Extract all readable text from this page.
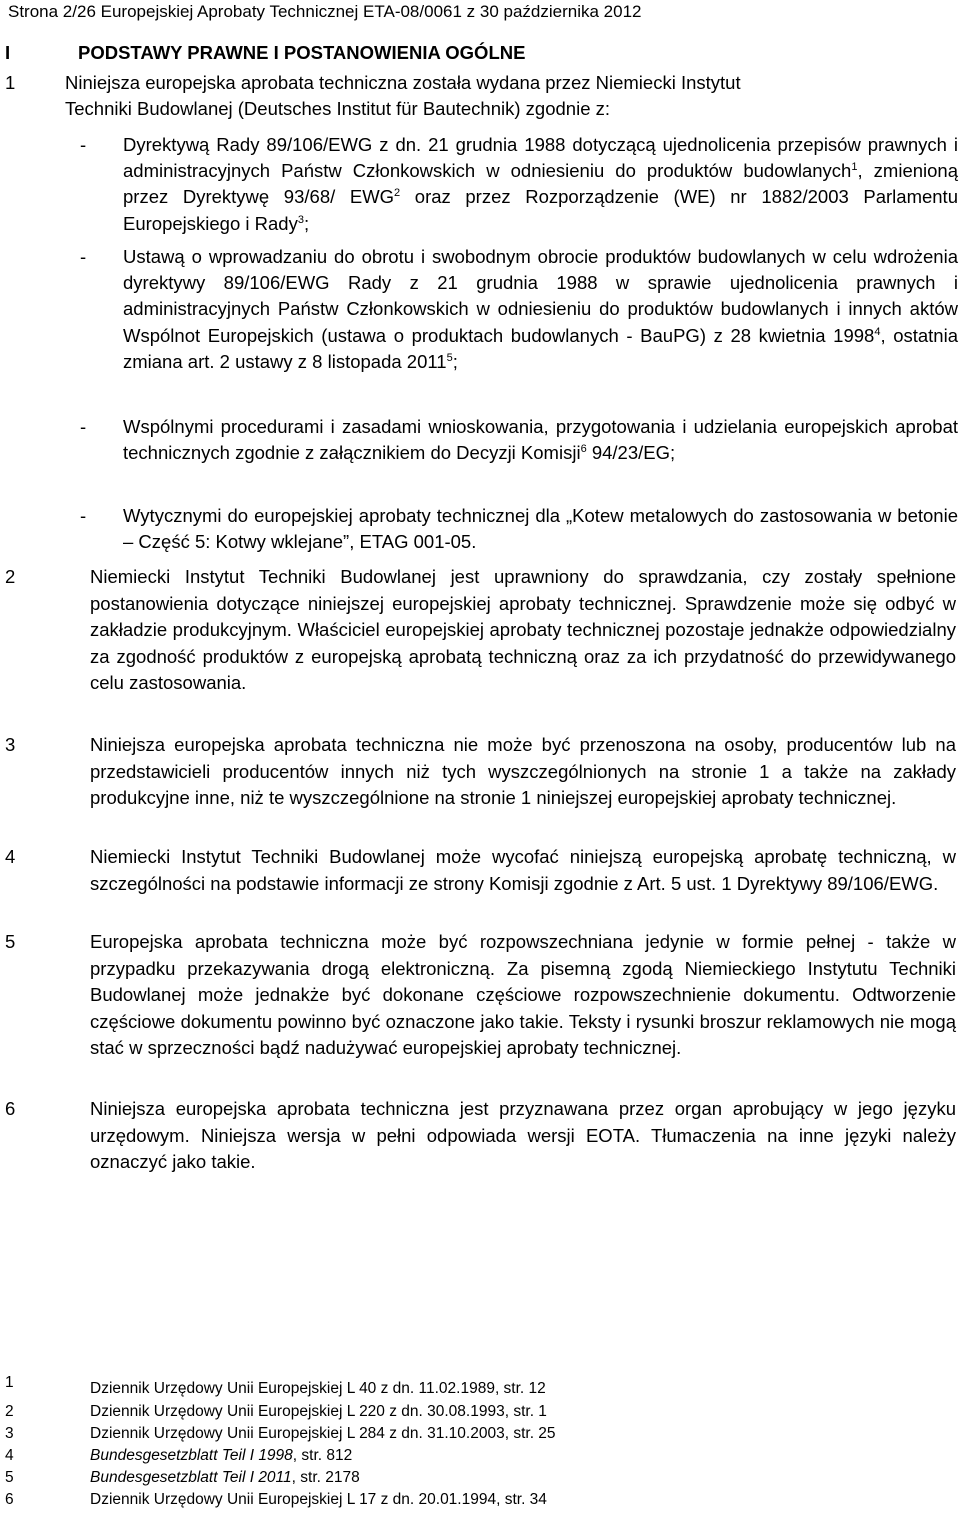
Strona 2/26 Europejskiej Aprobaty Technicznej ETA-08/0061 z 30 października 2012
I	PODSTAWY PRAWNE I POSTANOWIENIA OGÓLNE
1	Niniejsza europejska aprobata techniczna została wydana przez Niemiecki Instytut
Techniki Budowlanej (Deutsches Institut für Bautechnik) zgodnie z:
- Dyrektywą Rady 89/106/EWG z dn. 21 grudnia 1988 dotyczącą ujednolicenia przepisów prawnych i administracyjnych Państw Członkowskich w odniesieniu do produktów budowlanych$^1$, zmienioną przez Dyrektywę 93/68/ EWG$^2$ oraz przez Rozporządzenie (WE) nr 1882/2003 Parlamentu Europejskiego i Rady$^3$;
- Ustawą o wprowadzaniu do obrotu i swobodnym obrocie produktów budowlanych w celu wdrożenia dyrektywy 89/106/EWG Rady z 21 grudnia 1988 w sprawie ujednolicenia prawnych i administracyjnych Państw Członkowskich w odniesieniu do produktów budowlanych i innych aktów Wspólnot Europejskich (ustawa o produktach budowlanych - BauPG) z 28 kwietnia 1998$^4$, ostatnia zmiana art. 2 ustawy z 8 listopada 2011$^5$;
- Wspólnymi procedurami i zasadami wnioskowania, przygotowania i udzielania europejskich aprobat technicznych zgodnie z załącznikiem do Decyzji Komisji$^6$ 94/23/EG;
- Wytycznymi do europejskiej aprobaty technicznej dla „Kotew metalowych do zastosowania w betonie – Część 5: Kotwy wklejane”, ETAG 001-05.
2	Niemiecki Instytut Techniki Budowlanej jest uprawniony do sprawdzania, czy zostały spełnione postanowienia dotyczące niniejszej europejskiej aprobaty technicznej. Sprawdzenie może się odbyć w zakładzie produkcyjnym. Właściciel europejskiej aprobaty technicznej pozostaje jednakże odpowiedzialny za zgodność produktów z europejską aprobatą techniczną oraz za ich przydatność do przewidywanego celu zastosowania.
3	Niniejsza europejska aprobata techniczna nie może być przenoszona na osoby, producentów lub na przedstawicieli producentów innych niż tych wyszczególnionych na stronie 1 a także na zakłady produkcyjne inne, niż te wyszczególnione na stronie 1 niniejszej europejskiej aprobaty technicznej.
4	Niemiecki Instytut Techniki Budowlanej może wycofać niniejszą europejską aprobatę techniczną, w szczególności na podstawie informacji ze strony Komisji zgodnie z Art. 5 ust. 1 Dyrektywy 89/106/EWG.
5	Europejska aprobata techniczna może być rozpowszechniana jedynie w formie pełnej - także w przypadku przekazywania drogą elektroniczną. Za pisemną zgodą Niemieckiego Instytutu Techniki Budowlanej może jednakże być dokonane częściowe rozpowszechnienie dokumentu. Odtworzenie częściowe dokumentu powinno być oznaczone jako takie. Teksty i rysunki broszur reklamowych nie mogą stać w sprzeczności bądź nadużywać europejskiej aprobaty technicznej.
6	Niniejsza europejska aprobata techniczna jest przyznawana przez organ aprobujący w jego języku urzędowym. Niniejsza wersja w pełni odpowiada wersji EOTA. Tłumaczenia na inne języki należy oznaczyć jako takie.
1	Dziennik Urzędowy Unii Europejskiej L 40 z dn. 11.02.1989, str. 12
2	Dziennik Urzędowy Unii Europejskiej L 220 z dn. 30.08.1993, str. 1
3	Dziennik Urzędowy Unii Europejskiej L 284 z dn. 31.10.2003, str. 25
4	Bundesgesetzblatt Teil I 1998, str. 812
5	Bundesgesetzblatt Teil I 2011, str. 2178
6	Dziennik Urzędowy Unii Europejskiej L 17 z dn. 20.01.1994, str. 34
